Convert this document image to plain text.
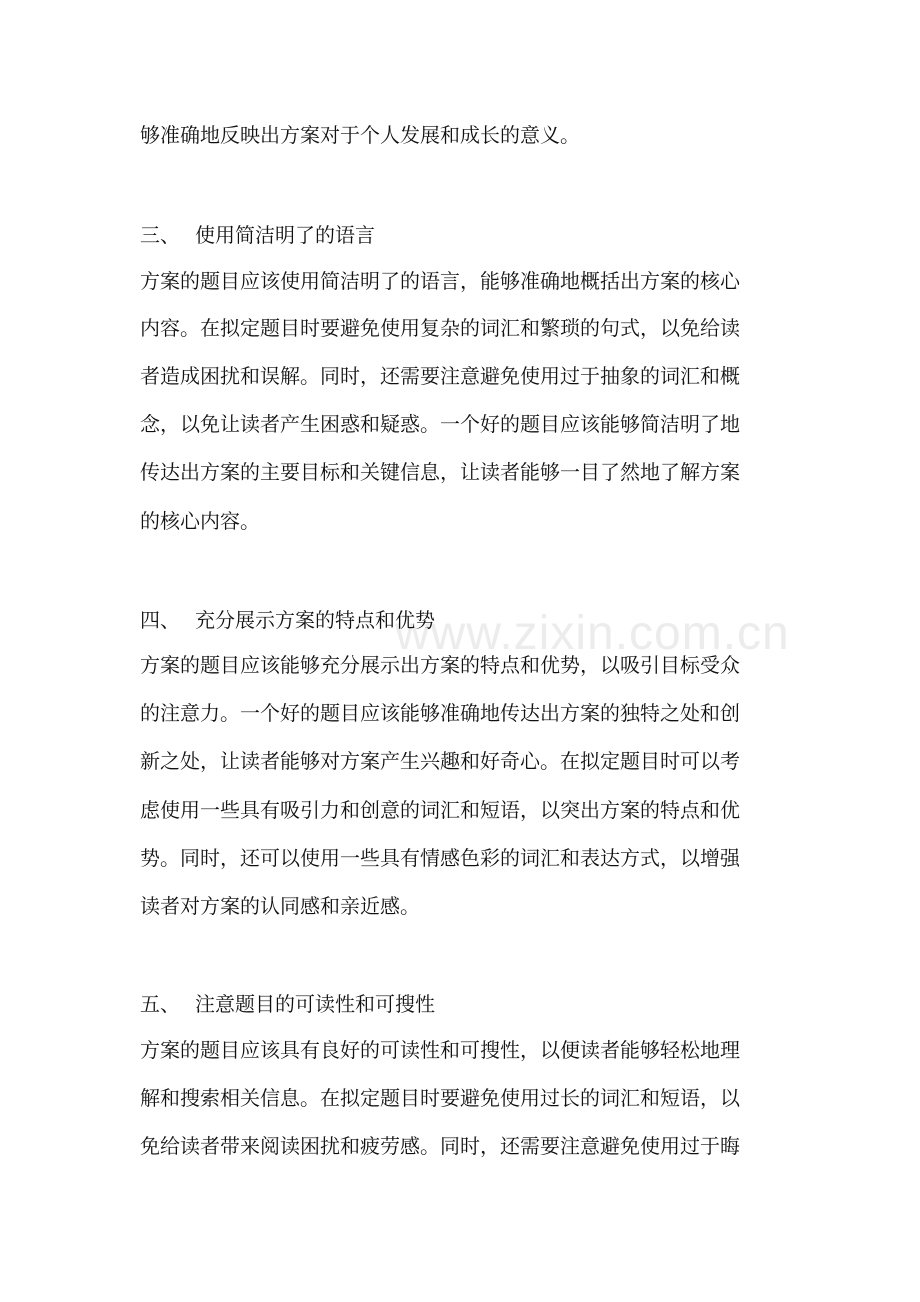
www.zixin.com.cn
够准确地反映出方案对于个人发展和成长的意义。
三、 使用简洁明了的语言
方案的题目应该使用简洁明了的语言，能够准确地概括出方案的核心
内容。在拟定题目时要避免使用复杂的词汇和繁琐的句式，以免给读
者造成困扰和误解。同时，还需要注意避免使用过于抽象的词汇和概
念，以免让读者产生困惑和疑惑。一个好的题目应该能够简洁明了地
传达出方案的主要目标和关键信息，让读者能够一目了然地了解方案
的核心内容。
四、 充分展示方案的特点和优势
方案的题目应该能够充分展示出方案的特点和优势，以吸引目标受众
的注意力。一个好的题目应该能够准确地传达出方案的独特之处和创
新之处，让读者能够对方案产生兴趣和好奇心。在拟定题目时可以考
虑使用一些具有吸引力和创意的词汇和短语，以突出方案的特点和优
势。同时，还可以使用一些具有情感色彩的词汇和表达方式，以增强
读者对方案的认同感和亲近感。
五、 注意题目的可读性和可搜性
方案的题目应该具有良好的可读性和可搜性，以便读者能够轻松地理
解和搜索相关信息。在拟定题目时要避免使用过长的词汇和短语，以
免给读者带来阅读困扰和疲劳感。同时，还需要注意避免使用过于晦
